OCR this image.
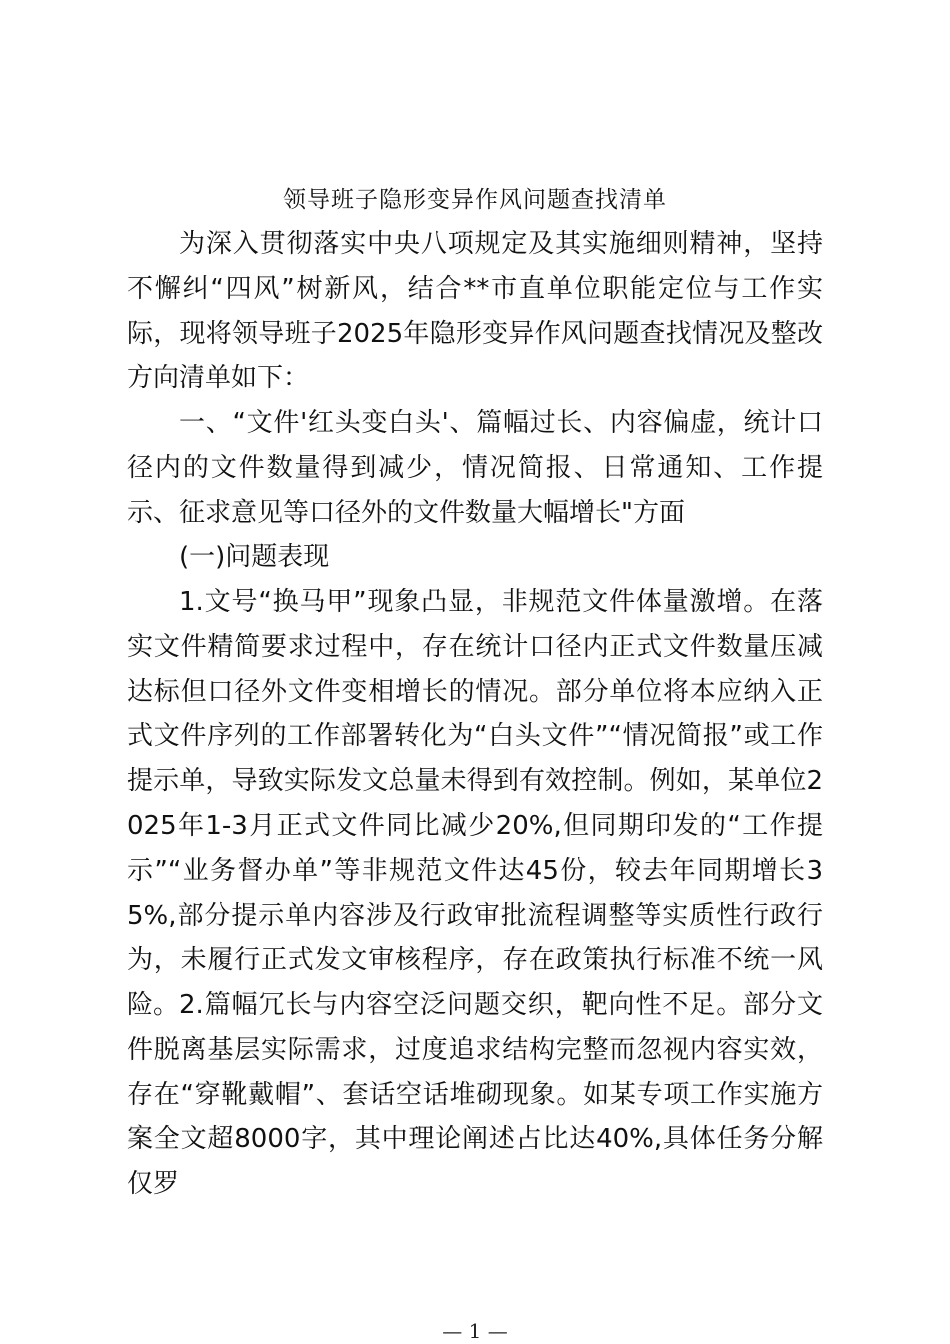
领导班子隐形变异作风问题查找清单

为深入贯彻落实中央八项规定及其实施细则精神，坚持不懈纠“四风”树新风，结合**市直单位职能定位与工作实际，现将领导班子2025年隐形变异作风问题查找情况及整改方向清单如下：

一、“文件'红头变白头'、篇幅过长、内容偏虚，统计口径内的文件数量得到减少，情况简报、日常通知、工作提示、征求意见等口径外的文件数量大幅增长"方面

(一)问题表现

1.文号“换马甲”现象凸显，非规范文件体量激增。在落实文件精简要求过程中，存在统计口径内正式文件数量压减达标但口径外文件变相增长的情况。部分单位将本应纳入正式文件序列的工作部署转化为“白头文件”“情况简报”或工作提示单，导致实际发文总量未得到有效控制。例如，某单位2025年1-3月正式文件同比减少20%,但同期印发的“工作提示”“业务督办单”等非规范文件达45份，较去年同期增长35%,部分提示单内容涉及行政审批流程调整等实质性行政行为，未履行正式发文审核程序，存在政策执行标准不统一风险。 2.篇幅冗长与内容空泛问题交织，靶向性不足。部分文件脱离基层实际需求，过度追求结构完整而忽视内容实效，存在“穿靴戴帽”、套话空话堆砌现象。如某专项工作实施方案全文超8000字，其中理论阐述占比达40%,具体任务分解仅罗

— 1 —
